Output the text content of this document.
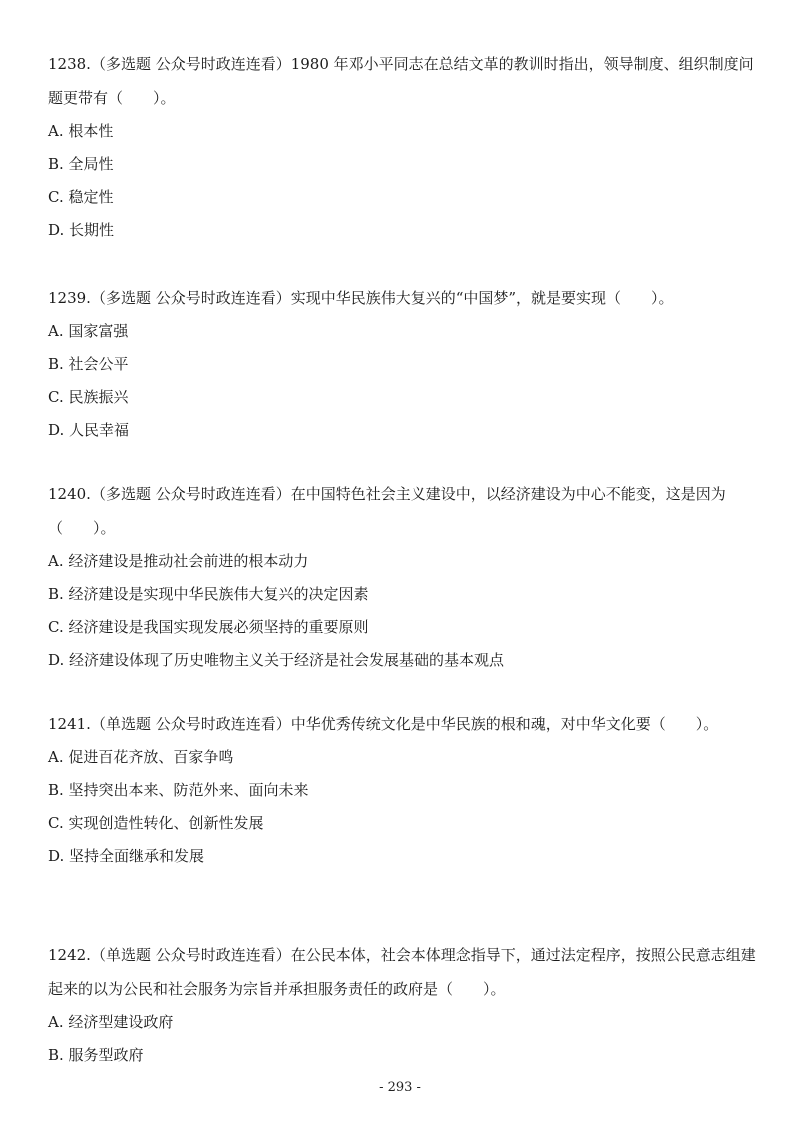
1238.（多选题 公众号时政连连看）1980 年邓小平同志在总结文革的教训时指出，领导制度、组织制度问题更带有（　　）。

A. 根本性

B. 全局性

C. 稳定性

D. 长期性

1239.（多选题 公众号时政连连看）实现中华民族伟大复兴的“中国梦”，就是要实现（　　）。

A. 国家富强

B. 社会公平

C. 民族振兴

D. 人民幸福

1240.（多选题 公众号时政连连看）在中国特色社会主义建设中，以经济建设为中心不能变，这是因为（　　）。

A. 经济建设是推动社会前进的根本动力

B. 经济建设是实现中华民族伟大复兴的决定因素

C. 经济建设是我国实现发展必须坚持的重要原则

D. 经济建设体现了历史唯物主义关于经济是社会发展基础的基本观点

1241.（单选题 公众号时政连连看）中华优秀传统文化是中华民族的根和魂，对中华文化要（　　）。

A. 促进百花齐放、百家争鸣

B. 坚持突出本来、防范外来、面向未来

C. 实现创造性转化、创新性发展

D. 坚持全面继承和发展

1242.（单选题 公众号时政连连看）在公民本体，社会本体理念指导下，通过法定程序，按照公民意志组建起来的以为公民和社会服务为宗旨并承担服务责任的政府是（　　）。

A. 经济型建设政府

B. 服务型政府

- 293 -
